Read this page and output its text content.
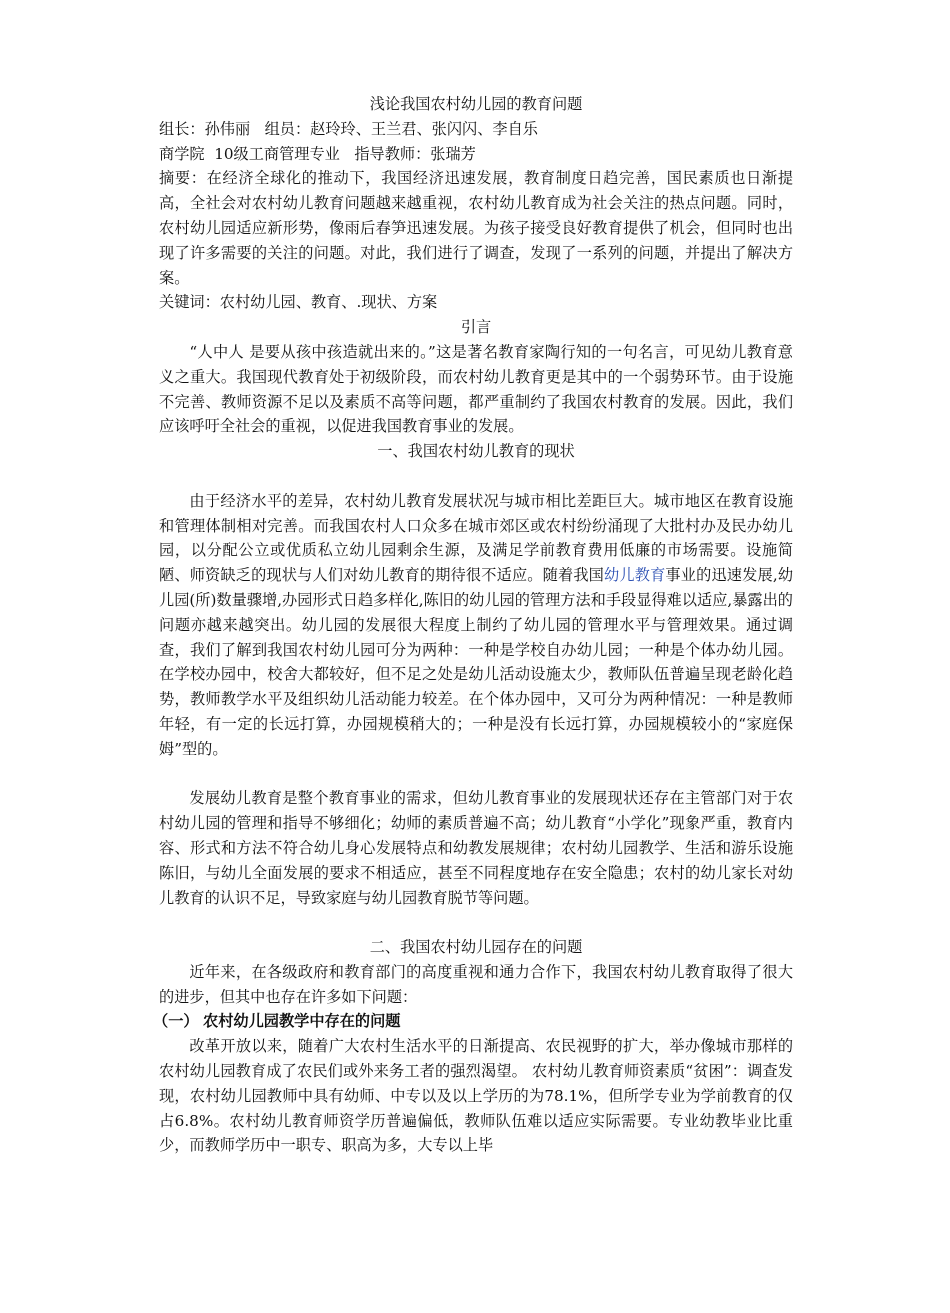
浅论我国农村幼儿园的教育问题

组长：孙伟丽   组员：赵玲玲、王兰君、张闪闪、李自乐

商学院  10级工商管理专业   指导教师：张瑞芳

摘要：在经济全球化的推动下，我国经济迅速发展，教育制度日趋完善，国民素质也日渐提高，全社会对农村幼儿教育问题越来越重视，农村幼儿教育成为社会关注的热点问题。同时，农村幼儿园适应新形势，像雨后春笋迅速发展。为孩子接受良好教育提供了机会，但同时也出现了许多需要的关注的问题。对此，我们进行了调查，发现了一系列的问题，并提出了解决方案。

关键词：农村幼儿园、教育、.现状、方案

引言

“人中人 是要从孩中孩造就出来的。”这是著名教育家陶行知的一句名言，可见幼儿教育意义之重大。我国现代教育处于初级阶段，而农村幼儿教育更是其中的一个弱势环节。由于设施不完善、教师资源不足以及素质不高等问题，都严重制约了我国农村教育的发展。因此，我们应该呼吁全社会的重视，以促进我国教育事业的发展。

一、我国农村幼儿教育的现状

由于经济水平的差异，农村幼儿教育发展状况与城市相比差距巨大。城市地区在教育设施和管理体制相对完善。而我国农村人口众多在城市郊区或农村纷纷涌现了大批村办及民办幼儿园，以分配公立或优质私立幼儿园剩余生源，及满足学前教育费用低廉的市场需要。设施简陋、师资缺乏的现状与人们对幼儿教育的期待很不适应。随着我国幼儿教育事业的迅速发展,幼儿园(所)数量骤增,办园形式日趋多样化,陈旧的幼儿园的管理方法和手段显得难以适应,暴露出的问题亦越来越突出。幼儿园的发展很大程度上制约了幼儿园的管理水平与管理效果。通过调查，我们了解到我国农村幼儿园可分为两种：一种是学校自办幼儿园；一种是个体办幼儿园。在学校办园中，校舍大都较好，但不足之处是幼儿活动设施太少，教师队伍普遍呈现老龄化趋势，教师教学水平及组织幼儿活动能力较差。在个体办园中，又可分为两种情况：一种是教师年轻，有一定的长远打算，办园规模稍大的；一种是没有长远打算，办园规模较小的“家庭保姆”型的。

发展幼儿教育是整个教育事业的需求，但幼儿教育事业的发展现状还存在主管部门对于农村幼儿园的管理和指导不够细化；幼师的素质普遍不高；幼儿教育“小学化”现象严重，教育内容、形式和方法不符合幼儿身心发展特点和幼教发展规律；农村幼儿园教学、生活和游乐设施陈旧，与幼儿全面发展的要求不相适应，甚至不同程度地存在安全隐患；农村的幼儿家长对幼儿教育的认识不足，导致家庭与幼儿园教育脱节等问题。

二、我国农村幼儿园存在的问题

近年来，在各级政府和教育部门的高度重视和通力合作下，我国农村幼儿教育取得了很大的进步，但其中也存在许多如下问题：

（一） 农村幼儿园教学中存在的问题

改革开放以来，随着广大农村生活水平的日渐提高、农民视野的扩大，举办像城市那样的农村幼儿园教育成了农民们或外来务工者的强烈渴望。 农村幼儿教育师资素质“贫困”：调查发现，农村幼儿园教师中具有幼师、中专以及以上学历的为78.1%，但所学专业为学前教育的仅占6.8%。农村幼儿教育师资学历普遍偏低，教师队伍难以适应实际需要。专业幼教毕业比重少，而教师学历中一职专、职高为多，大专以上毕
